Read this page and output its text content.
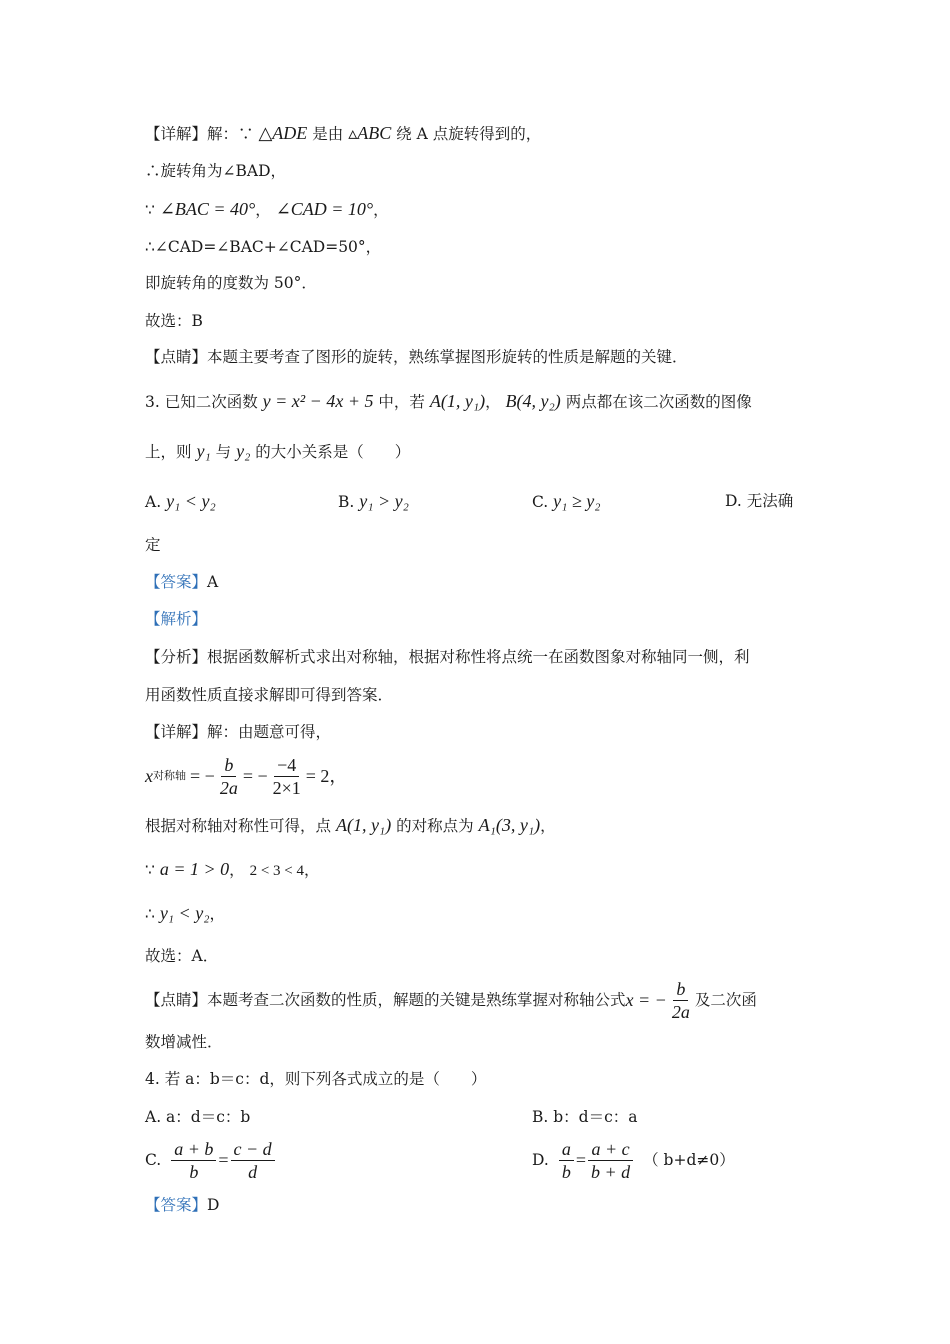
【详解】解：∵ △ADE 是由 ▵ABC 绕 A 点旋转得到的，
∴旋转角为∠BAD，
∵ ∠BAC = 40°， ∠CAD = 10°，
∴∠CAD=∠BAC+∠CAD=50°，
即旋转角的度数为 50°．
故选：B
【点睛】本题主要考查了图形的旋转，熟练掌握图形旋转的性质是解题的关键．
3. 已知二次函数 y = x² − 4x + 5 中，若 A(1, y₁)， B(4, y₂) 两点都在该二次函数的图像
上，则 y₁ 与 y₂ 的大小关系是（　　）
A. y₁ < y₂	B. y₁ > y₂	C. y₁ ≥ y₂	D. 无法确
定
【答案】A
【解析】
【分析】根据函数解析式求出对称轴，根据对称性将点统一在函数图象对称轴同一侧，利
用函数性质直接求解即可得到答案．
【详解】解：由题意可得，
x 对称轴 = − $\frac{b}{2a}$ = − $\frac{-4}{2\times 1} = 2$，
根据对称轴对称性可得，点 A(1, y₁) 的对称点为 A₁(3, y₁)，
∵ a = 1 > 0， 2 < 3 < 4，
∴ y₁ < y₂，
故选：A．
【点睛】本题考查二次函数的性质，解题的关键是熟练掌握对称轴公式 x = − $\frac{b}{2a}$ 及二次函
数增减性．
4. 若 a：b＝c：d，则下列各式成立的是（　　）
A. a：d＝c：b	B. b：d＝c：a
C. $\frac{a + b}{b} = \frac{c - d}{d}$	D. $\frac{a}{b} = \frac{a + c}{b + d}$ （ b+d≠0）
【答案】D
